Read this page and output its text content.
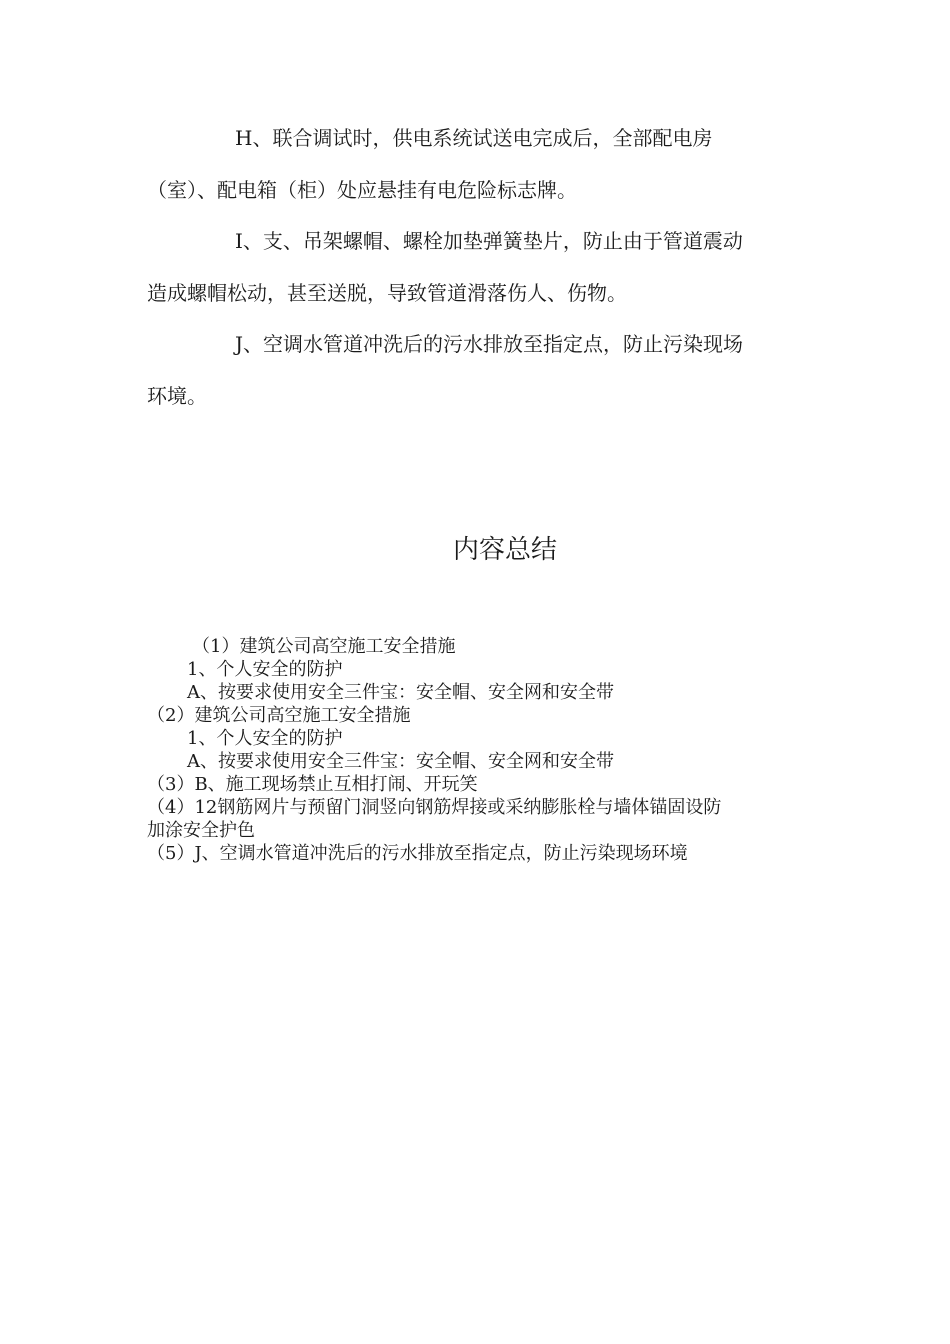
H、联合调试时，供电系统试送电完成后，全部配电房

（室）、配电箱（柜）处应悬挂有电危险标志牌。

I、支、吊架螺帽、螺栓加垫弹簧垫片，防止由于管道震动

造成螺帽松动，甚至送脱，导致管道滑落伤人、伤物。

J、空调水管道冲洗后的污水排放至指定点，防止污染现场

环境。

内容总结

（1）建筑公司高空施工安全措施

1、个人安全的防护

A、按要求使用安全三件宝：安全帽、安全网和安全带

（2）建筑公司高空施工安全措施

1、个人安全的防护

A、按要求使用安全三件宝：安全帽、安全网和安全带

（3）B、施工现场禁止互相打闹、开玩笑

（4）12钢筋网片与预留门洞竖向钢筋焊接或采纳膨胀栓与墙体锚固设防

加涂安全护色

（5）J、空调水管道冲洗后的污水排放至指定点，防止污染现场环境
